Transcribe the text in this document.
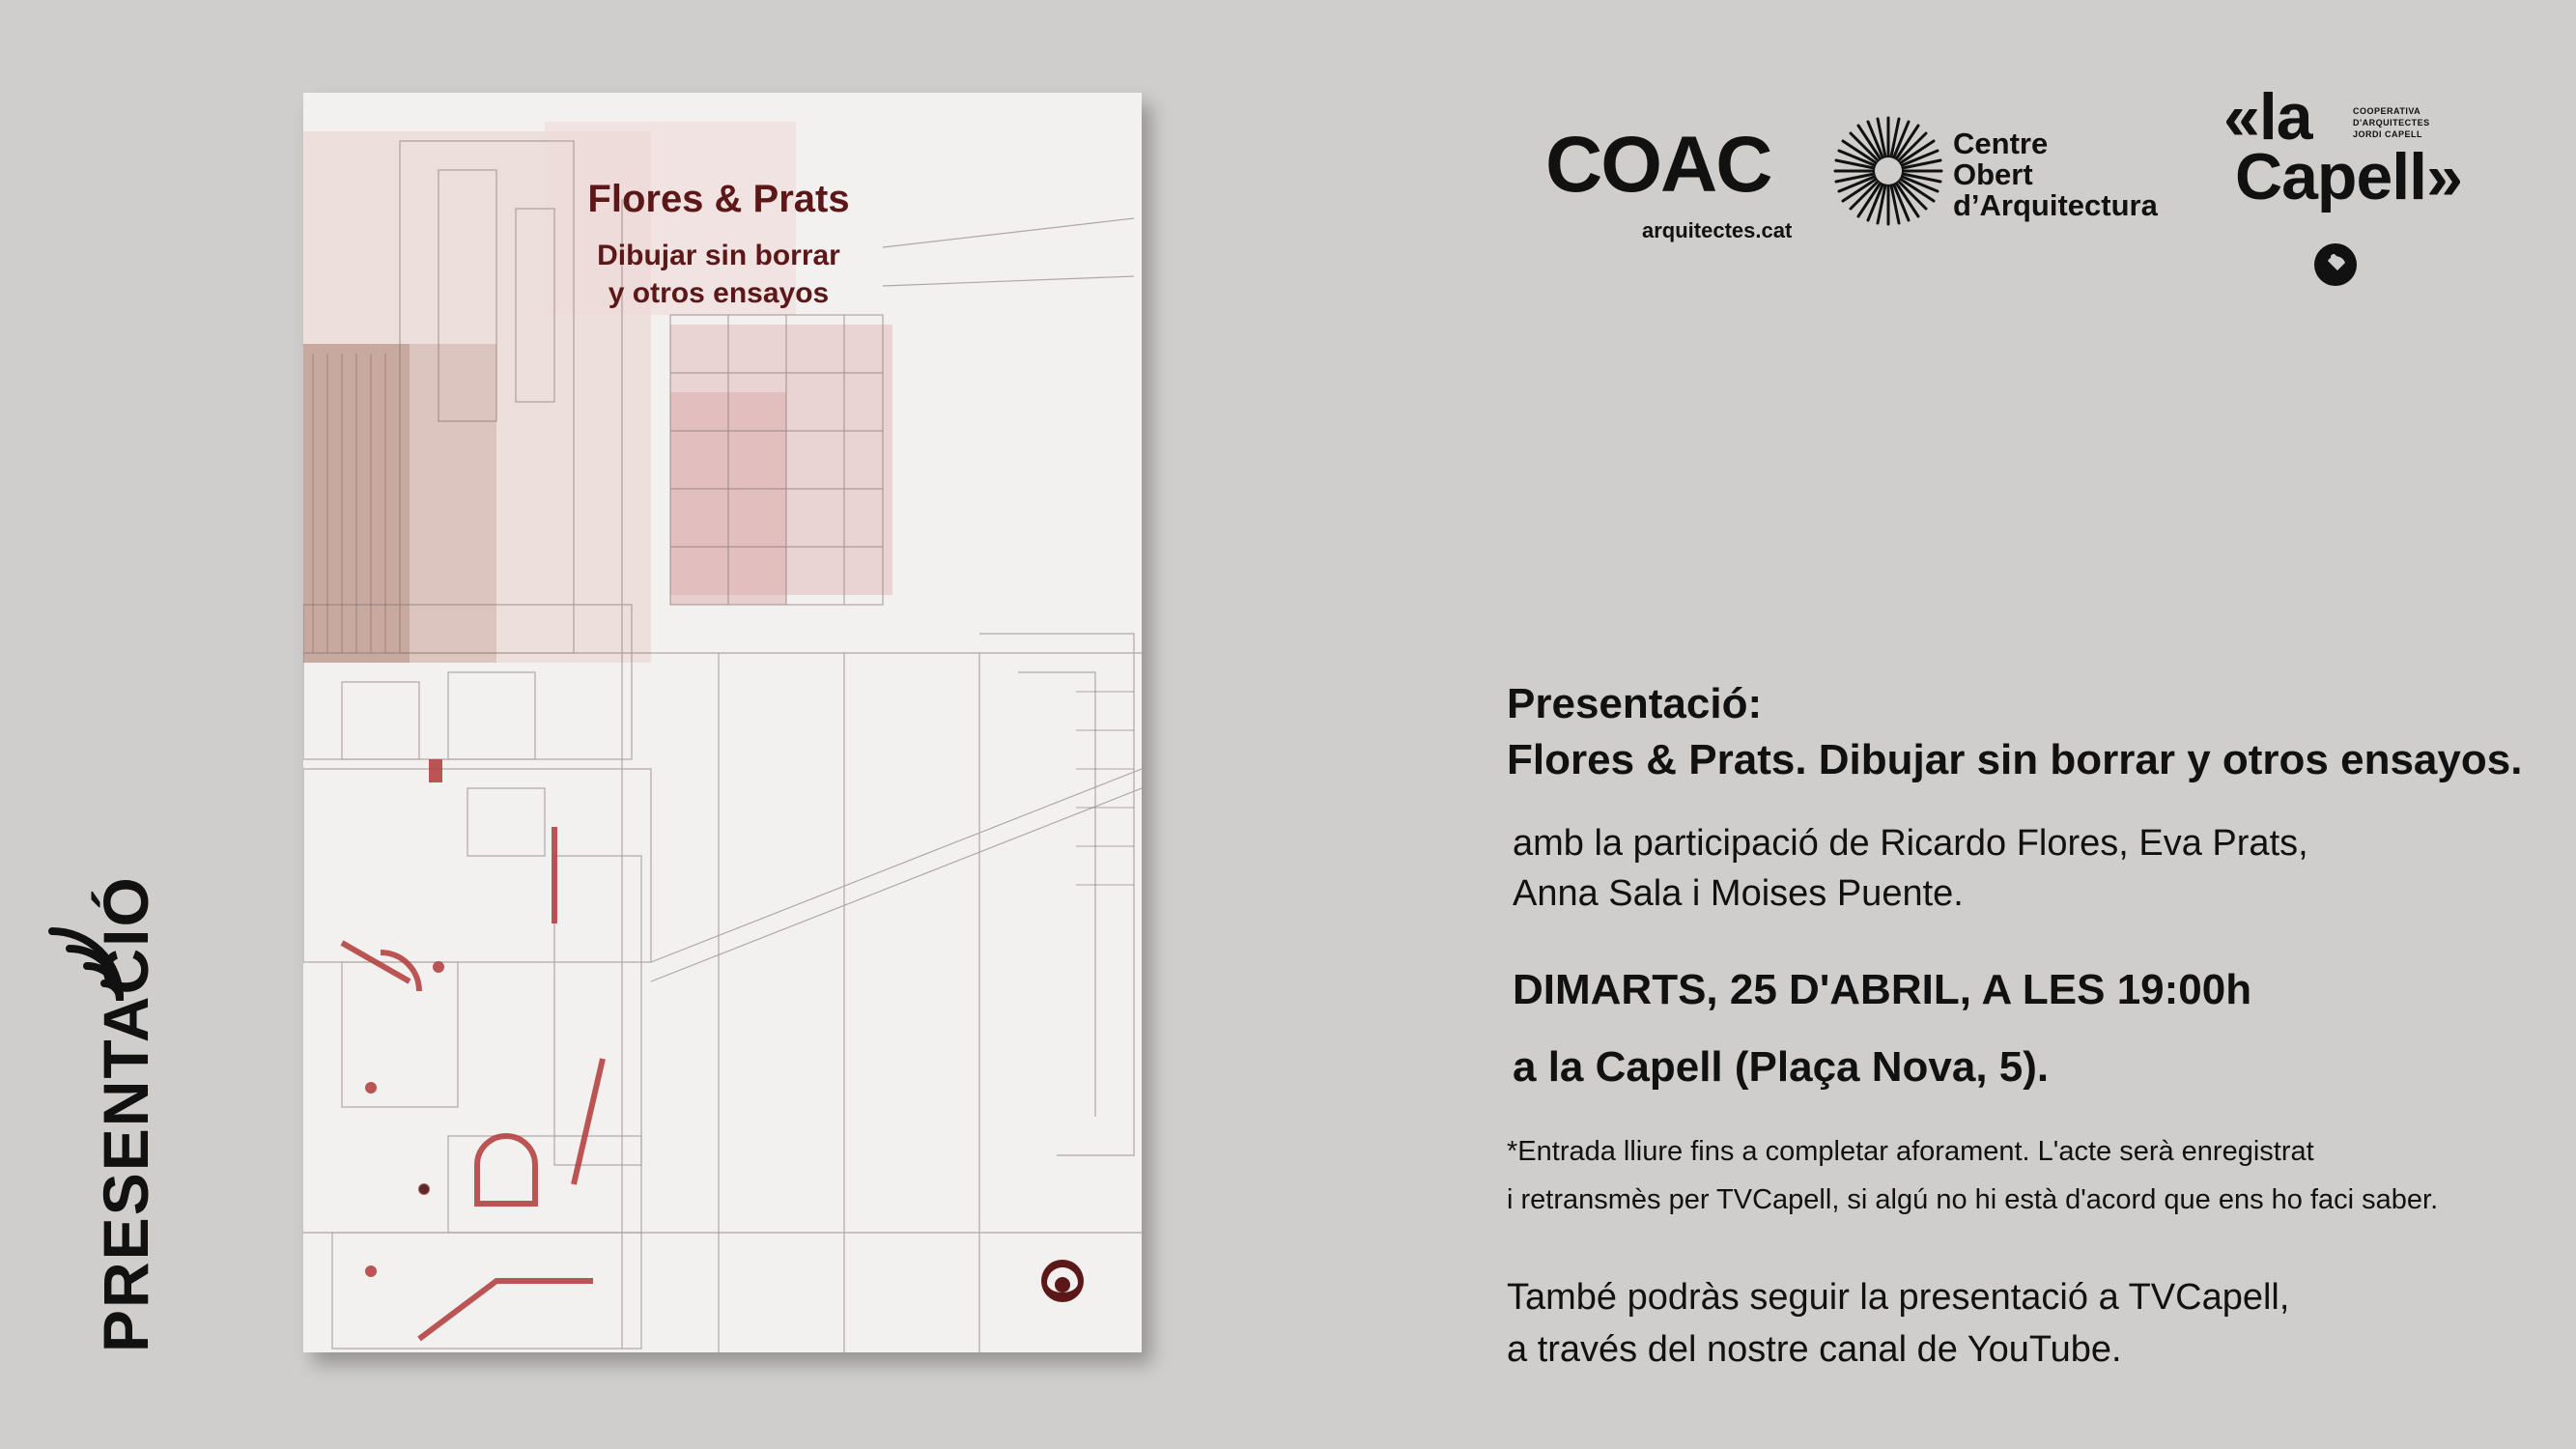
PRESENTACIÓ
Flores & Prats
Dibujar sin borrar
y otros ensayos
COAC
arquitectes.cat
Centre
Obert
d’Arquitectura
«la
Capell»
COOPERATIVA
D'ARQUITECTES
JORDI CAPELL
Presentació:
Flores & Prats. Dibujar sin borrar y otros ensayos.
amb la participació de Ricardo Flores, Eva Prats,
Anna Sala i Moises Puente.
DIMARTS, 25 D'ABRIL, A LES 19:00h
a la Capell (Plaça Nova, 5).
*Entrada lliure fins a completar aforament. L'acte serà enregistrat
i retransmès per TVCapell, si algú no hi està d'acord que ens ho faci saber.
També podràs seguir la presentació a TVCapell,
a través del nostre canal de YouTube.
